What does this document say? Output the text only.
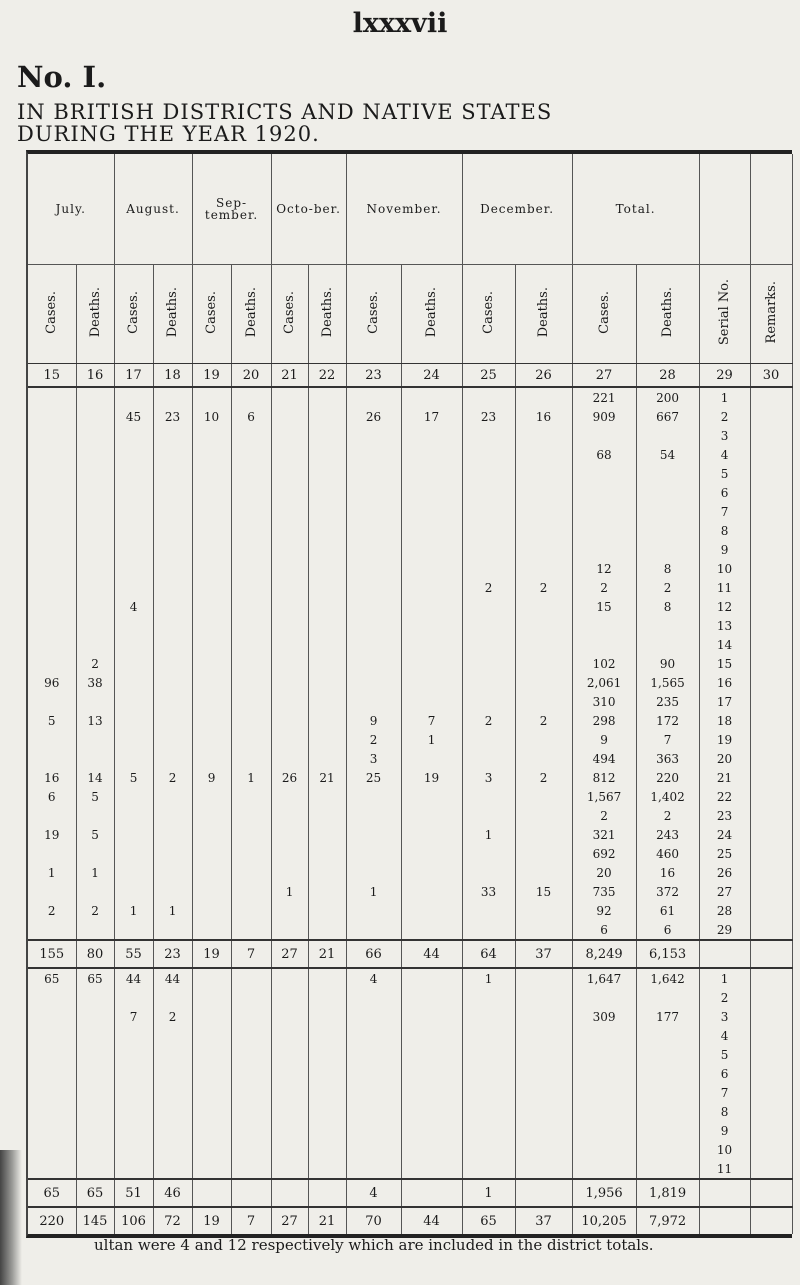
lxxxvii
No. I.
IN BRITISH DISTRICTS AND NATIVE STATES
DURING THE YEAR 1920.
July.		August.		Sep-tember.		Octo-ber.		November.		December.		Total.			
Cases.	Deaths.	Cases.	Deaths.	Cases.	Deaths.	Cases.	Deaths.	Cases.	Deaths.	Cases.	Deaths.	Cases.	Deaths.	Serial No.	Remarks.
15	16	17	18	19	20	21	22	23	24	25	26	27	28	29	30
												221	200	1	
		45	23	10	6			26	17	23	16	909	667	2	
														3	
												68	54	4	
														5	
														6	
														7	
														8	
														9	
												12	8	10	
										2	2	2	2	11	
		4										15	8	12	
														13	
														14	
	2											102	90	15	
96	38											2,061	1,565	16	
												310	235	17	
5	13							9	7	2	2	298	172	18	
								2	1			9	7	19	
								3				494	363	20	
16	14	5	2	9	1	26	21	25	19	3	2	812	220	21	
6	5											1,567	1,402	22	
												2	2	23	
19	5									1		321	243	24	
												692	460	25	
1	1											20	16	26	
						1		1		33	15	735	372	27	
2	2	1	1									92	61	28	
												6	6	29	
155	80	55	23	19	7	27	21	66	44	64	37	8,249	6,153		
65	65	44	44					4		1		1,647	1,642	1	
														2	
		7	2									309	177	3	
														4	
														5	
														6	
														7	
														8	
														9	
														10	
														11	
65	65	51	46					4		1		1,956	1,819		
220	145	106	72	19	7	27	21	70	44	65	37	10,205	7,972		
ultan were 4 and 12 respectively which are included in the district totals.
